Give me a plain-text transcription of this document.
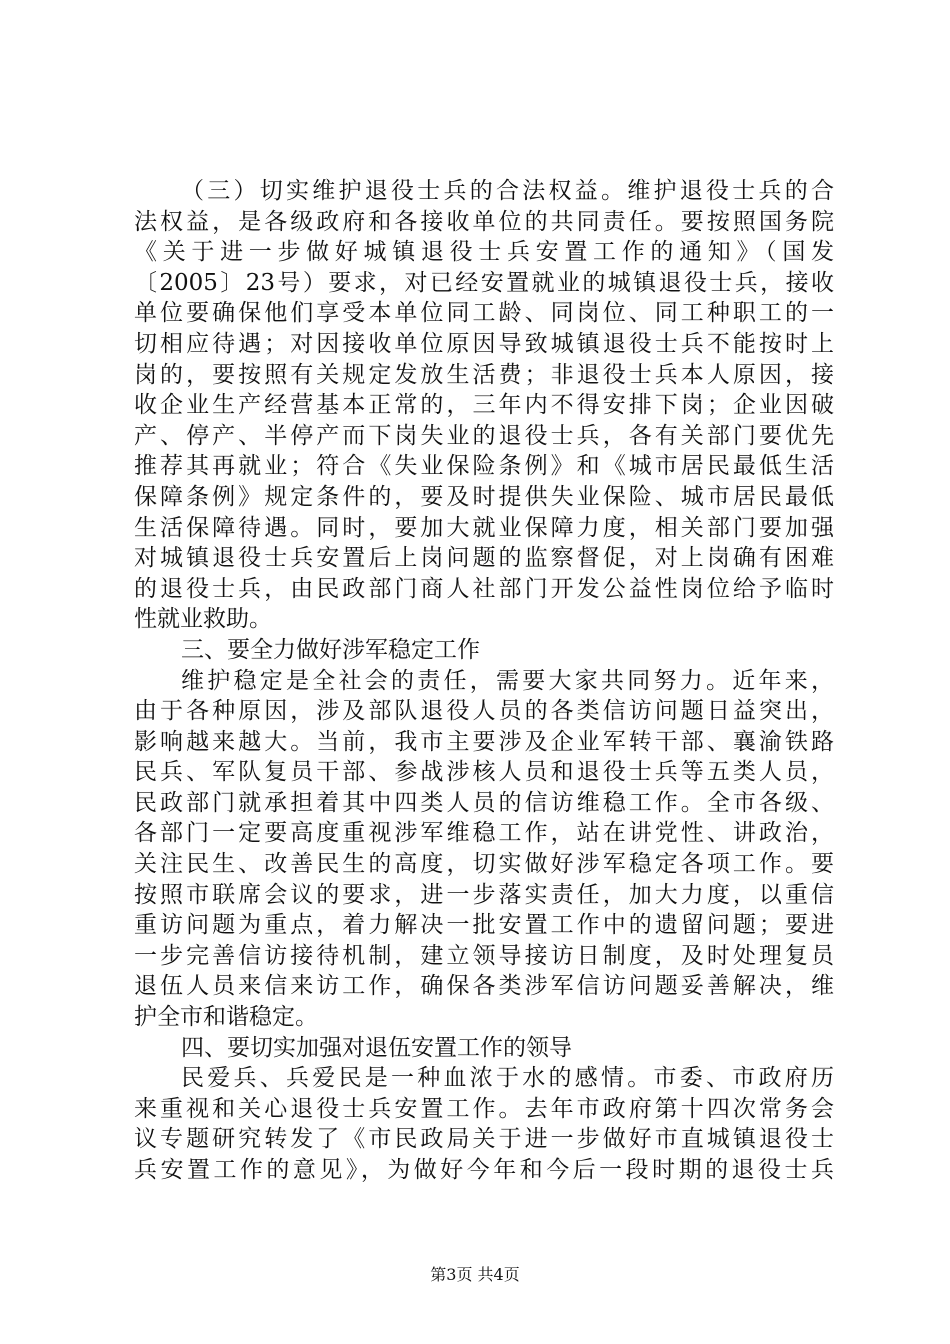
（三）切实维护退役士兵的合法权益。维护退役士兵的合
法权益，是各级政府和各接收单位的共同责任。要按照国务院
《关于进一步做好城镇退役士兵安置工作的通知》（国发
〔2005〕23号）要求，对已经安置就业的城镇退役士兵，接收
单位要确保他们享受本单位同工龄、同岗位、同工种职工的一
切相应待遇；对因接收单位原因导致城镇退役士兵不能按时上
岗的，要按照有关规定发放生活费；非退役士兵本人原因，接
收企业生产经营基本正常的，三年内不得安排下岗；企业因破
产、停产、半停产而下岗失业的退役士兵，各有关部门要优先
推荐其再就业；符合《失业保险条例》和《城市居民最低生活
保障条例》规定条件的，要及时提供失业保险、城市居民最低
生活保障待遇。同时，要加大就业保障力度，相关部门要加强
对城镇退役士兵安置后上岗问题的监察督促，对上岗确有困难
的退役士兵，由民政部门商人社部门开发公益性岗位给予临时
性就业救助。
三、要全力做好涉军稳定工作
维护稳定是全社会的责任，需要大家共同努力。近年来，
由于各种原因，涉及部队退役人员的各类信访问题日益突出，
影响越来越大。当前，我市主要涉及企业军转干部、襄渝铁路
民兵、军队复员干部、参战涉核人员和退役士兵等五类人员，
民政部门就承担着其中四类人员的信访维稳工作。全市各级、
各部门一定要高度重视涉军维稳工作，站在讲党性、讲政治，
关注民生、改善民生的高度，切实做好涉军稳定各项工作。要
按照市联席会议的要求，进一步落实责任，加大力度，以重信
重访问题为重点，着力解决一批安置工作中的遗留问题；要进
一步完善信访接待机制，建立领导接访日制度，及时处理复员
退伍人员来信来访工作，确保各类涉军信访问题妥善解决，维
护全市和谐稳定。
四、要切实加强对退伍安置工作的领导
民爱兵、兵爱民是一种血浓于水的感情。市委、市政府历
来重视和关心退役士兵安置工作。去年市政府第十四次常务会
议专题研究转发了《市民政局关于进一步做好市直城镇退役士
兵安置工作的意见》，为做好今年和今后一段时期的退役士兵
第3页 共4页
